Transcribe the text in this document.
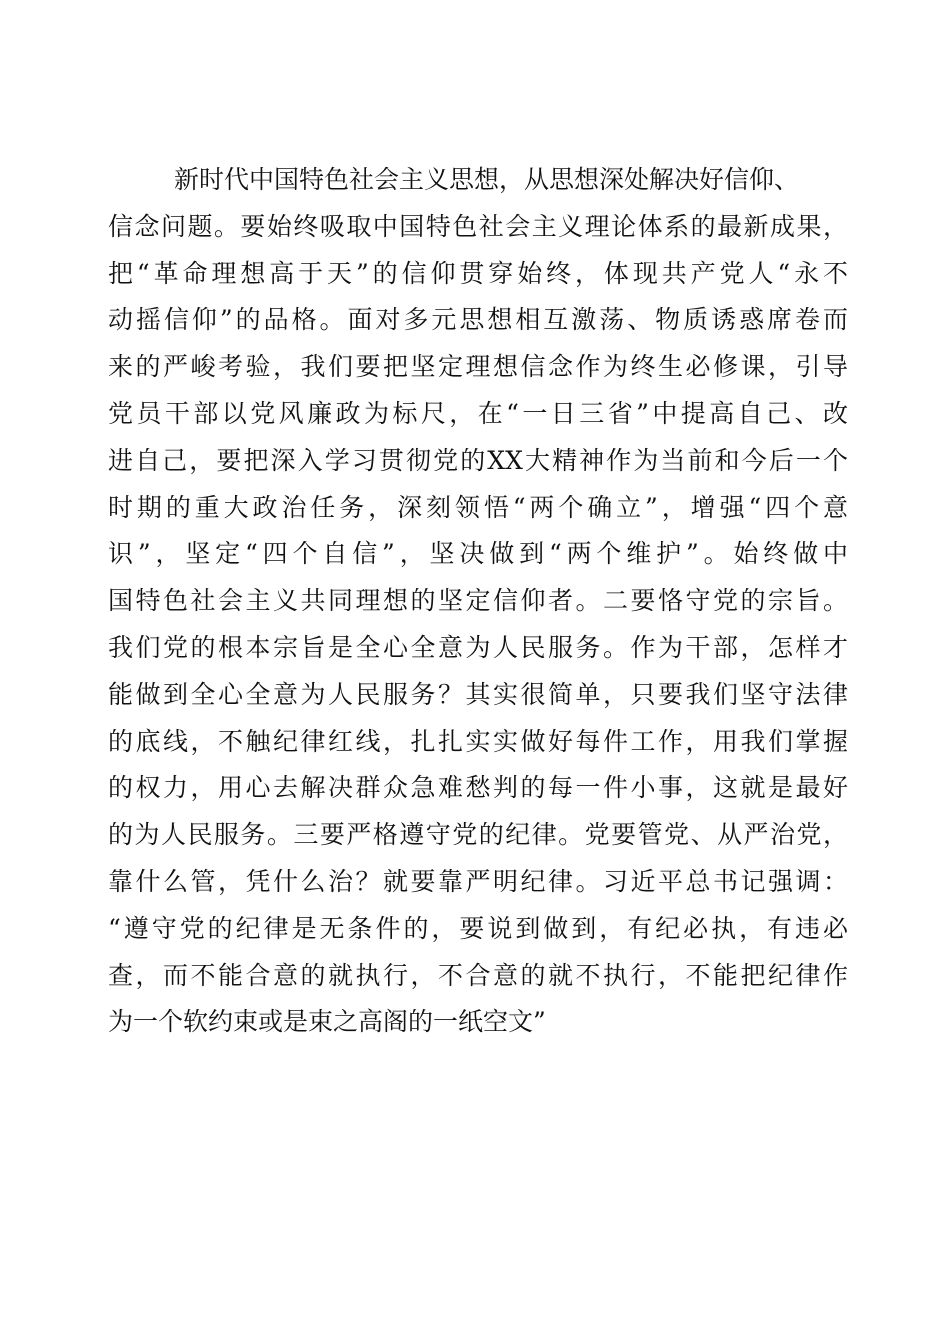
新时代中国特色社会主义思想，从思想深处解决好信仰、
信念问题。要始终吸取中国特色社会主义理论体系的最新成果，
把“革命理想高于天”的信仰贯穿始终，体现共产党人“永不
动摇信仰”的品格。面对多元思想相互激荡、物质诱惑席卷而
来的严峻考验，我们要把坚定理想信念作为终生必修课，引导
党员干部以党风廉政为标尺，在“一日三省”中提高自己、改
进自己，要把深入学习贯彻党的XX大精神作为当前和今后一个
时期的重大政治任务，深刻领悟“两个确立”，增强“四个意
识”，坚定“四个自信”，坚决做到“两个维护”。始终做中
国特色社会主义共同理想的坚定信仰者。二要恪守党的宗旨。
我们党的根本宗旨是全心全意为人民服务。作为干部，怎样才
能做到全心全意为人民服务？其实很简单，只要我们坚守法律
的底线，不触纪律红线，扎扎实实做好每件工作，用我们掌握
的权力，用心去解决群众急难愁判的每一件小事，这就是最好
的为人民服务。三要严格遵守党的纪律。党要管党、从严治党，
靠什么管，凭什么治？就要靠严明纪律。习近平总书记强调：
“遵守党的纪律是无条件的，要说到做到，有纪必执，有违必
查，而不能合意的就执行，不合意的就不执行，不能把纪律作
为一个软约束或是束之高阁的一纸空文”
